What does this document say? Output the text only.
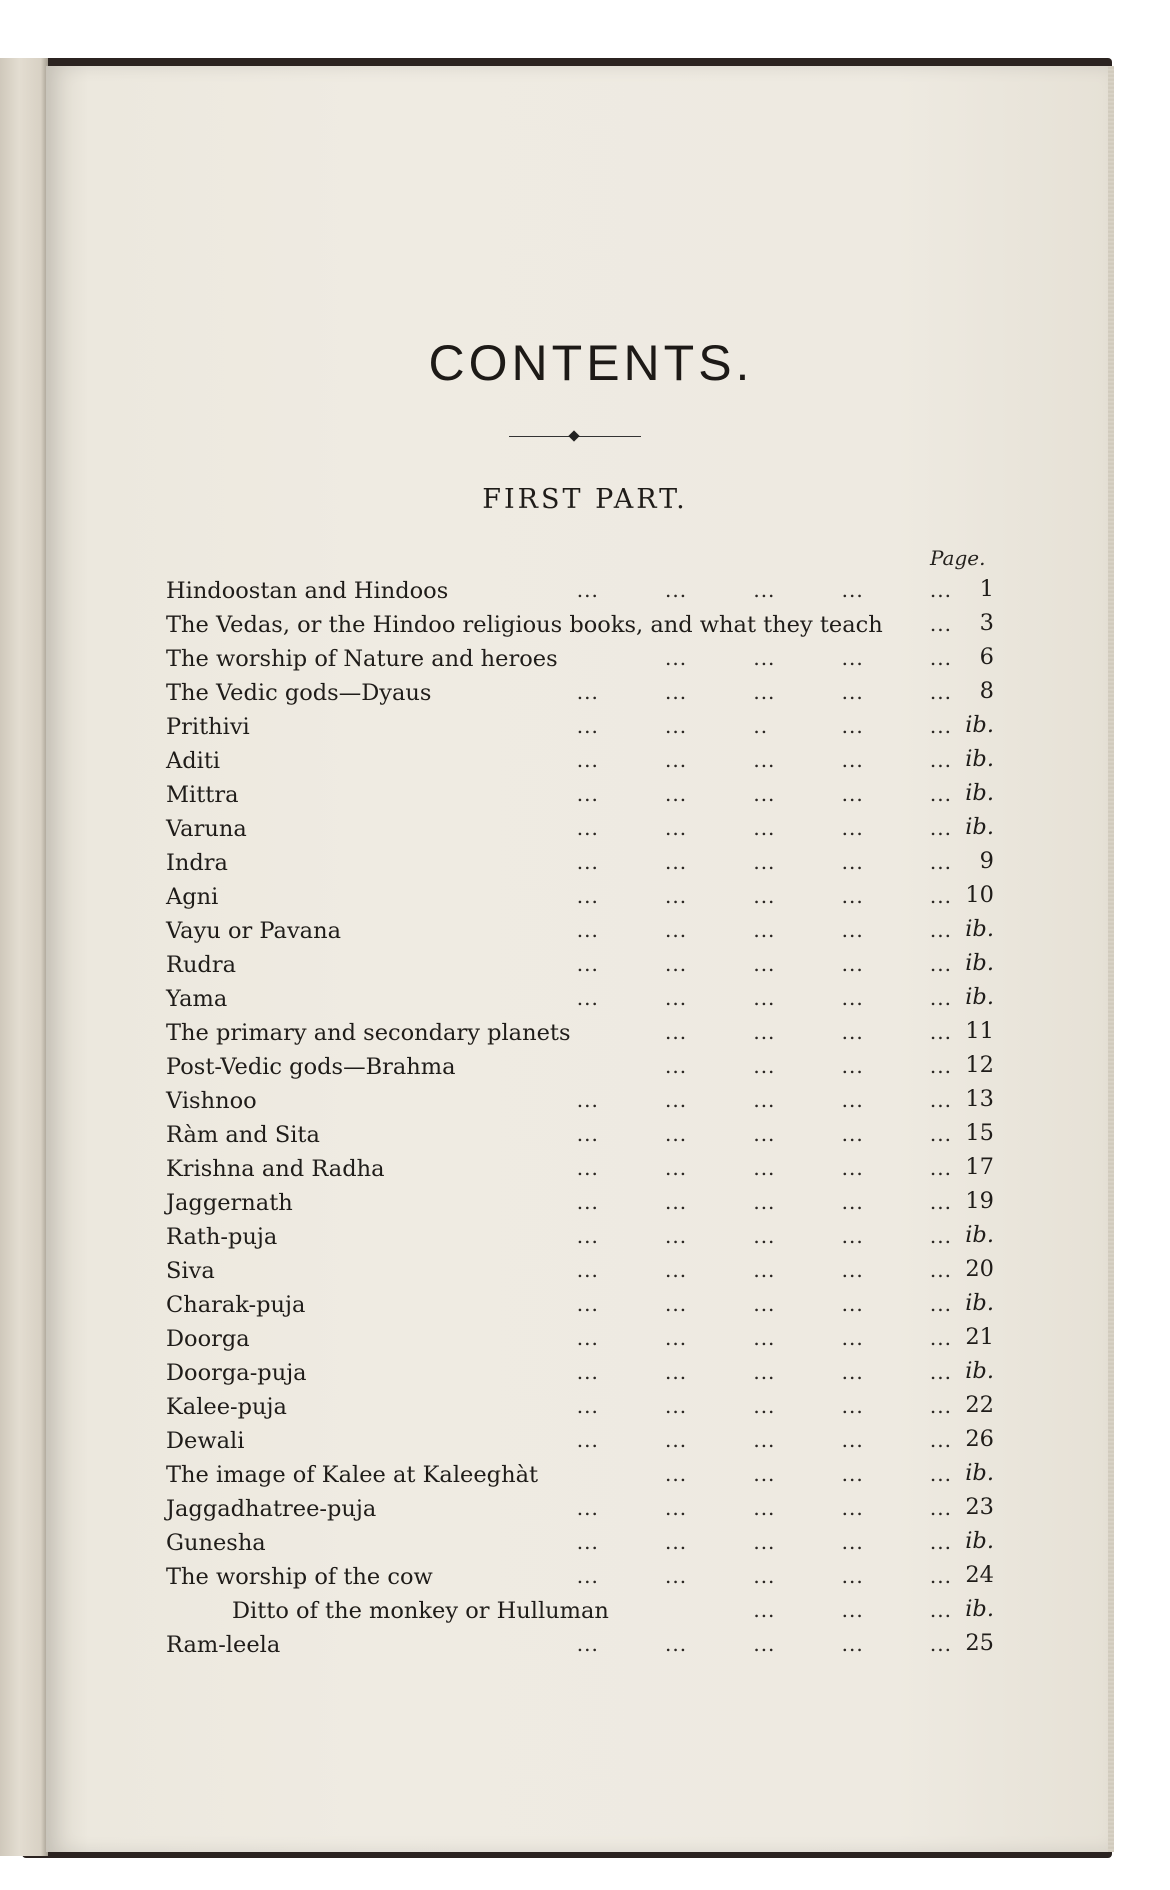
CONTENTS.
FIRST PART.
Page.
Hindoostan and Hindoos	...         ...         ...         ...         ... 1
The Vedas, or the Hindoo religious books, and what they teach ... 3
The worship of Nature and heroes	...         ...         ...         ... 6
The Vedic gods—Dyaus	...         ...         ...         ...         ... 8
Prithivi	...         ...         ..          ...         ... ib.
Aditi	...         ...         ...         ...         ... ib.
Mittra	...         ...         ...         ...         ... ib.
Varuna	...         ...         ...         ...         ... ib.
Indra	...         ...         ...         ...         ... 9
Agni	...         ...         ...         ...         ... 10
Vayu or Pavana	...         ...         ...         ...         ... ib.
Rudra	...         ...         ...         ...         ... ib.
Yama	...         ...         ...         ...         ... ib.
The primary and secondary planets	...         ...         ...         ... 11
Post-Vedic gods—Brahma	...         ...         ...         ... 12
Vishnoo	...         ...         ...         ...         ... 13
Ràm and Sita	...         ...         ...         ...         ... 15
Krishna and Radha	...         ...         ...         ...         ... 17
Jaggernath	...         ...         ...         ...         ... 19
Rath-puja	...         ...         ...         ...         ... ib.
Siva	...         ...         ...         ...         ... 20
Charak-puja	...         ...         ...         ...         ... ib.
Doorga	...         ...         ...         ...         ... 21
Doorga-puja	...         ...         ...         ...         ... ib.
Kalee-puja	...         ...         ...         ...         ... 22
Dewali	...         ...         ...         ...         ... 26
The image of Kalee at Kaleeghàt	...         ...         ...         ... ib.
Jaggadhatree-puja	...         ...         ...         ...         ... 23
Gunesha	...         ...         ...         ...         ... ib.
The worship of the cow	...         ...         ...         ...         ... 24
Ditto of the monkey or Hulluman	...         ...         ... ib.
Ram-leela	...         ...         ...         ...         ... 25
